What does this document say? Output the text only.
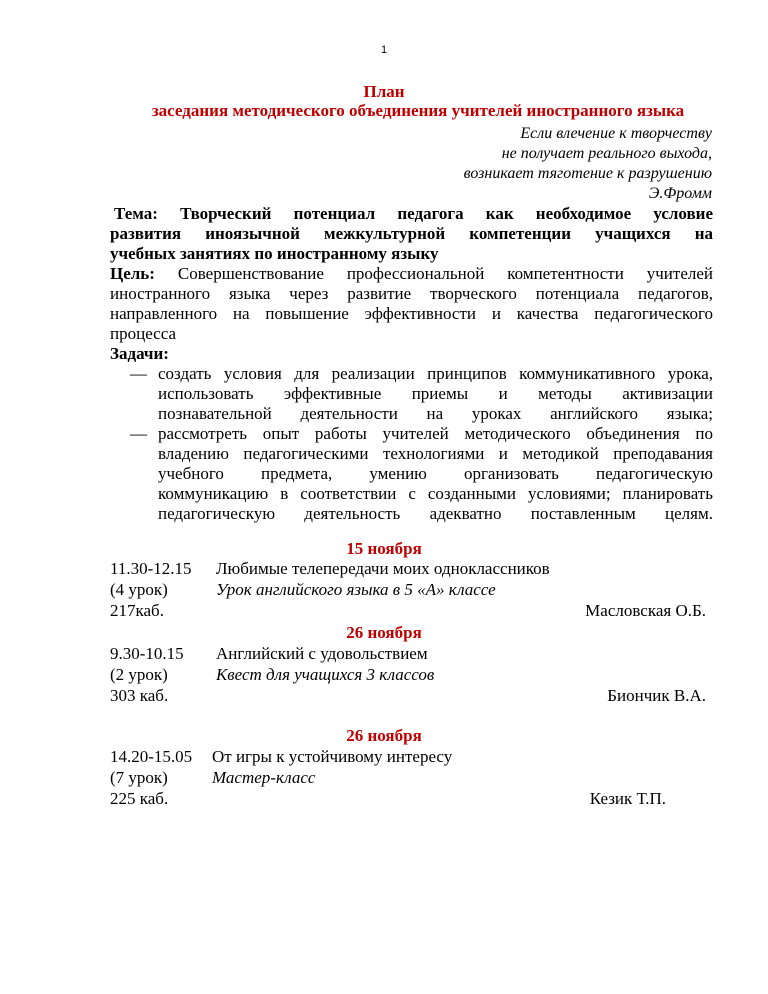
1
План
заседания методического объединения учителей иностранного языка
Если влечение к творчеству
не получает реального выхода,
возникает тяготение к разрушению
Э.Фромм
Тема: Творческий потенциал педагога как необходимое условие
развития иноязычной межкультурной компетенции учащихся на
учебных занятиях по иностранному языку
Цель: Совершенствование профессиональной компетентности учителей
иностранного языка через развитие творческого потенциала педагогов,
направленного на повышение эффективности и качества педагогического
процесса
Задачи:
— создать условия для реализации принципов коммуникативного урока,
использовать эффективные приемы и методы активизации
познавательной деятельности на уроках английского языка;
— рассмотреть опыт работы учителей методического объединения по
владению педагогическими технологиями и методикой преподавания
учебного предмета, умению организовать педагогическую
коммуникацию в соответствии с созданными условиями; планировать
педагогическую деятельность адекватно поставленным целям.
15 ноября
11.30-12.15 Любимые телепередачи моих одноклассников
(4 урок)	Урок английского языка в 5 «А» классе
217каб.	Масловская О.Б.
26 ноября
9.30-10.15 Английский с удовольствием
(2 урок)	Квест для учащихся 3 классов
303 каб.	Биончик В.А.
26 ноября
14.20-15.05 От игры к устойчивому интересу
(7 урок)	Мастер-класс
225 каб.	Кезик Т.П.
